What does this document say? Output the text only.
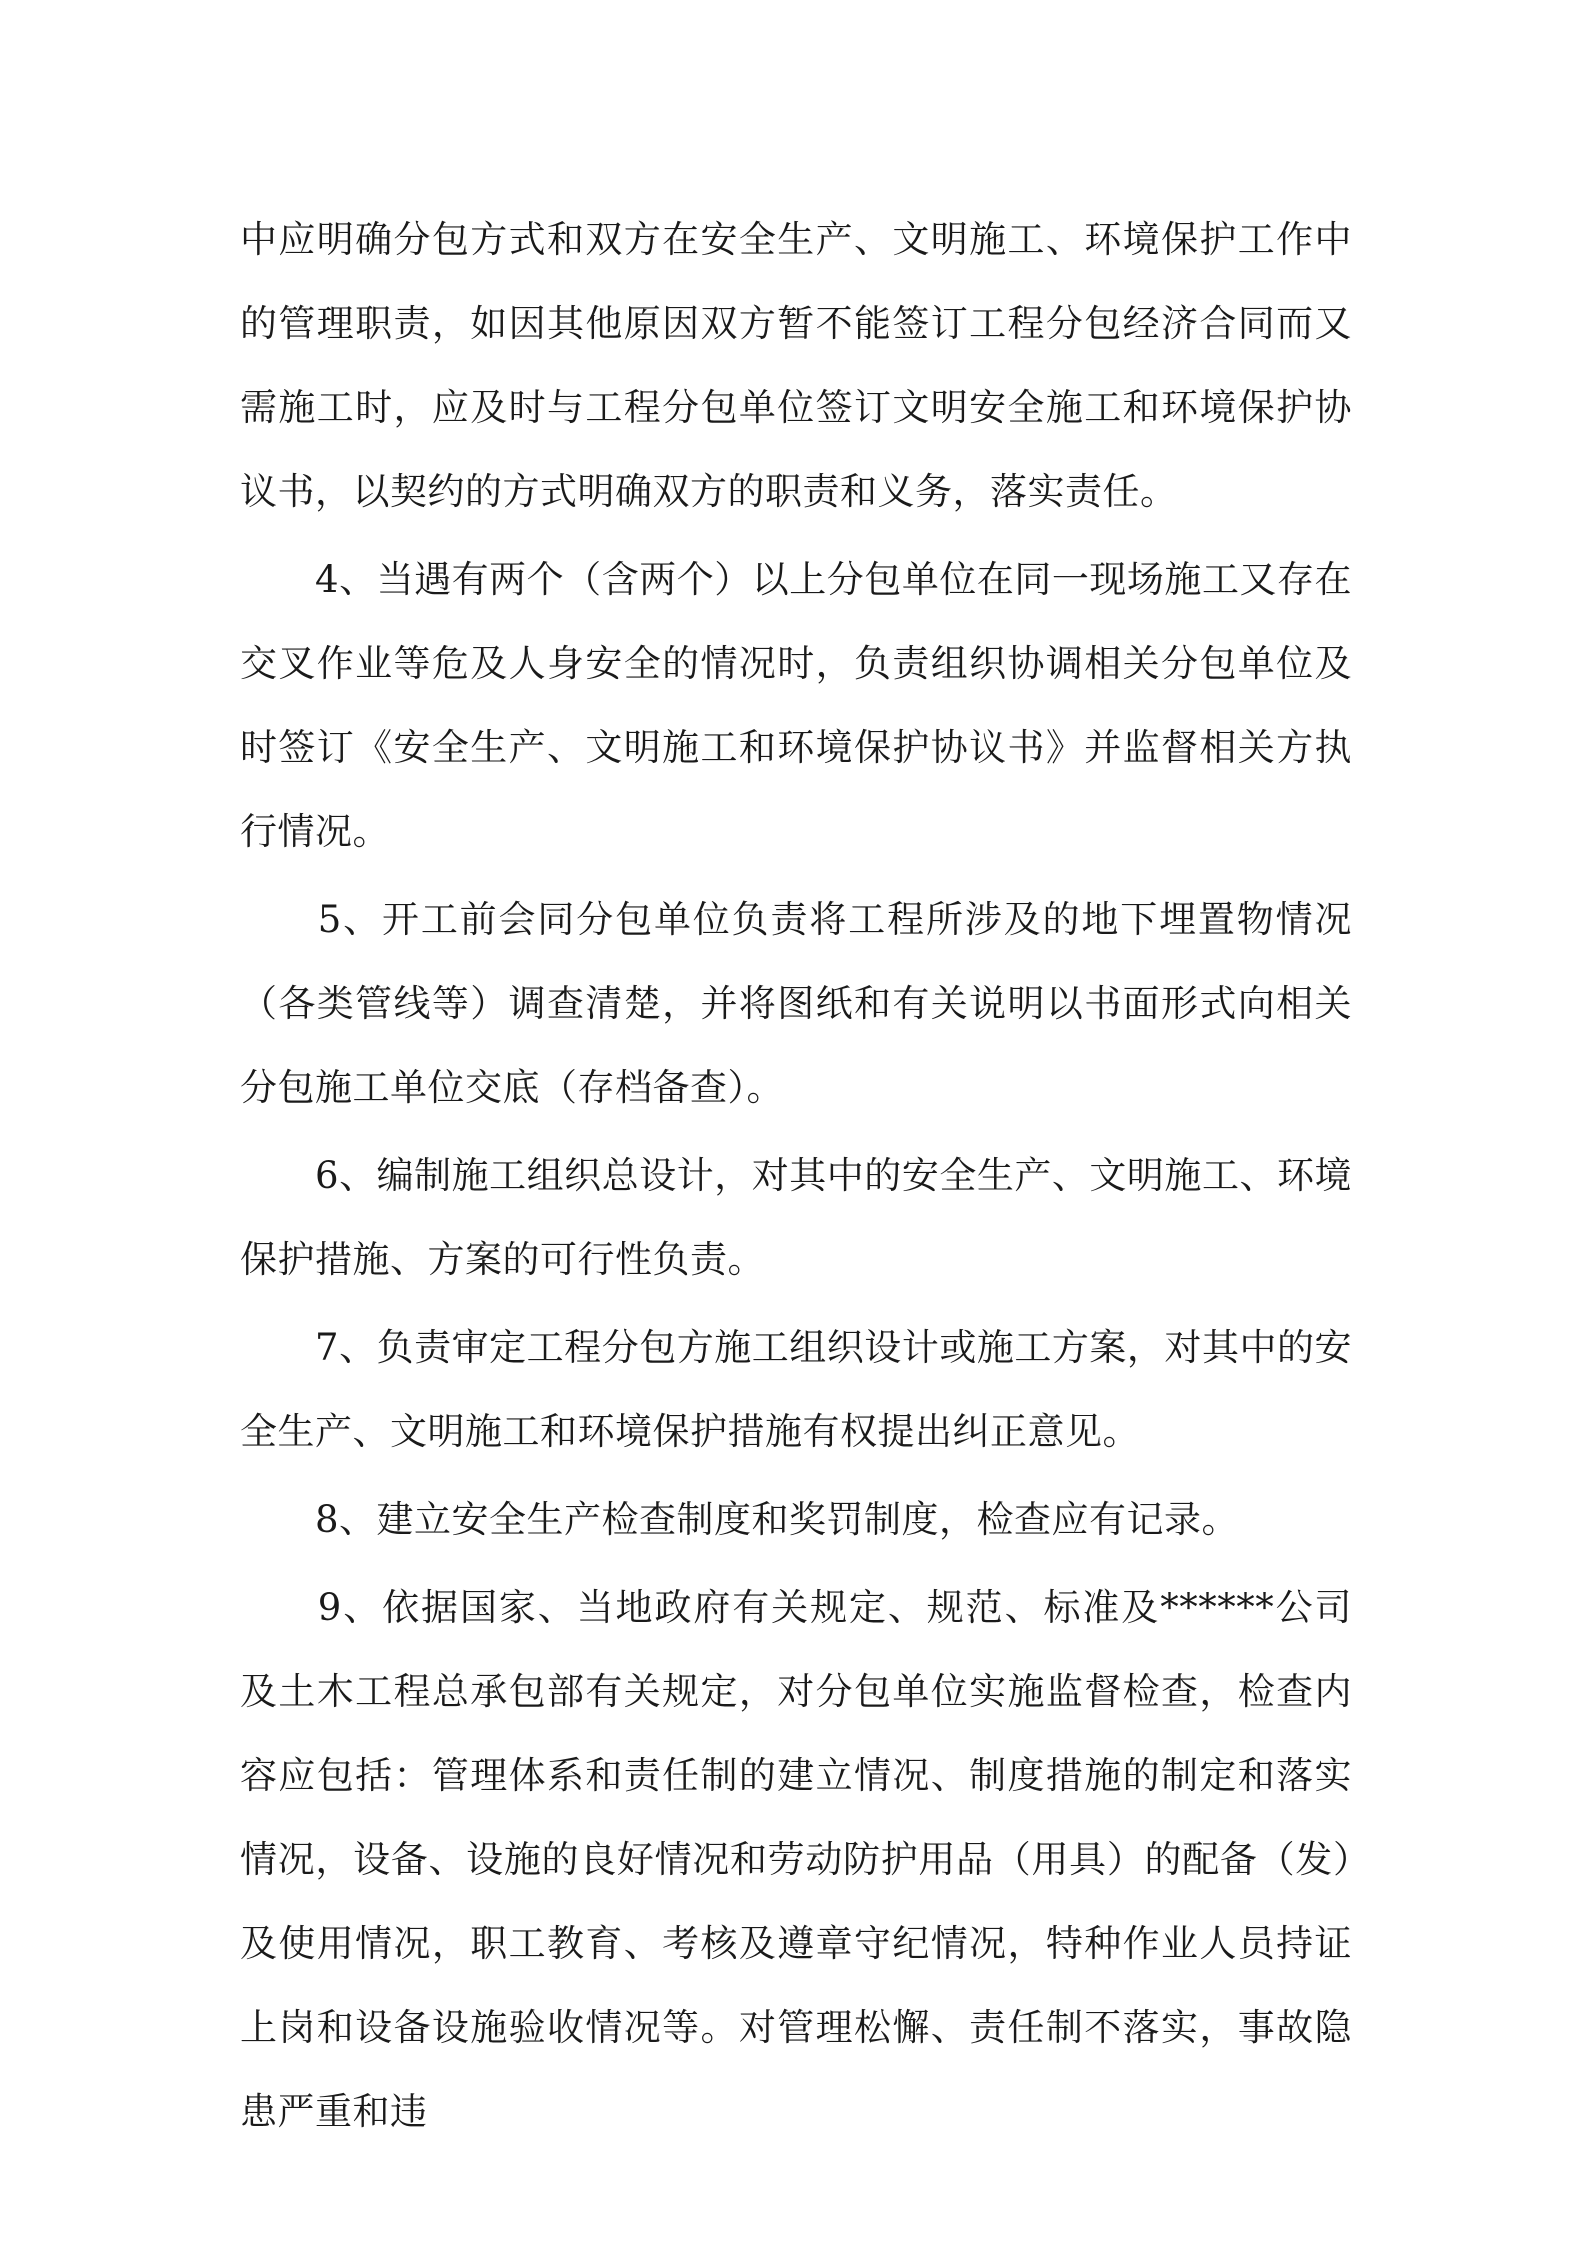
中应明确分包方式和双方在安全生产、文明施工、环境保护工作中的管理职责，如因其他原因双方暂不能签订工程分包经济合同而又需施工时，应及时与工程分包单位签订文明安全施工和环境保护协议书，以契约的方式明确双方的职责和义务，落实责任。

　　4、当遇有两个（含两个）以上分包单位在同一现场施工又存在交叉作业等危及人身安全的情况时，负责组织协调相关分包单位及时签订《安全生产、文明施工和环境保护协议书》并监督相关方执行情况。

　　5、开工前会同分包单位负责将工程所涉及的地下埋置物情况（各类管线等）调查清楚，并将图纸和有关说明以书面形式向相关分包施工单位交底（存档备查）。

　　6、编制施工组织总设计，对其中的安全生产、文明施工、环境保护措施、方案的可行性负责。

　　7、负责审定工程分包方施工组织设计或施工方案，对其中的安全生产、文明施工和环境保护措施有权提出纠正意见。

　　8、建立安全生产检查制度和奖罚制度，检查应有记录。

　　9、依据国家、当地政府有关规定、规范、标准及******公司及土木工程总承包部有关规定，对分包单位实施监督检查，检查内容应包括：管理体系和责任制的建立情况、制度措施的制定和落实情况，设备、设施的良好情况和劳动防护用品（用具）的配备（发）及使用情况，职工教育、考核及遵章守纪情况，特种作业人员持证上岗和设备设施验收情况等。对管理松懈、责任制不落实，事故隐患严重和违
